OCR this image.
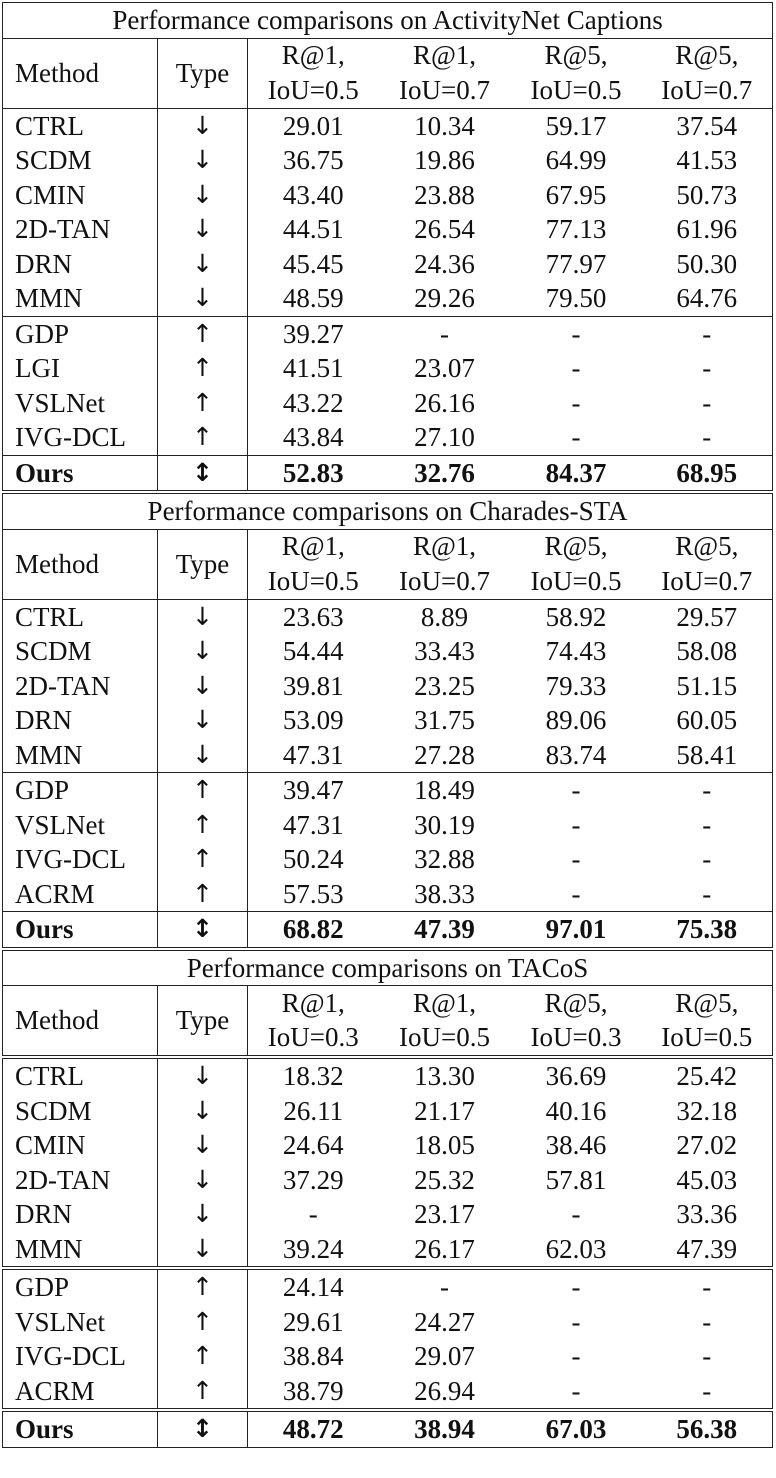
Performance comparisons on ActivityNet Captions					
Method	Type	R@1,	R@1,	R@5,	R@5,
		IoU=0.5	IoU=0.7	IoU=0.5	IoU=0.7
CTRL	↓	29.01	10.34	59.17	37.54
SCDM	↓	36.75	19.86	64.99	41.53
CMIN	↓	43.40	23.88	67.95	50.73
2D-TAN	↓	44.51	26.54	77.13	61.96
DRN	↓	45.45	24.36	77.97	50.30
MMN	↓	48.59	29.26	79.50	64.76
GDP	↑	39.27	-	-	-
LGI	↑	41.51	23.07	-	-
VSLNet	↑	43.22	26.16	-	-
IVG-DCL	↑	43.84	27.10	-	-
Ours	↕	52.83	32.76	84.37	68.95
Performance comparisons on Charades-STA					
Method	Type	R@1,	R@1,	R@5,	R@5,
		IoU=0.5	IoU=0.7	IoU=0.5	IoU=0.7
CTRL	↓	23.63	8.89	58.92	29.57
SCDM	↓	54.44	33.43	74.43	58.08
2D-TAN	↓	39.81	23.25	79.33	51.15
DRN	↓	53.09	31.75	89.06	60.05
MMN	↓	47.31	27.28	83.74	58.41
GDP	↑	39.47	18.49	-	-
VSLNet	↑	47.31	30.19	-	-
IVG-DCL	↑	50.24	32.88	-	-
ACRM	↑	57.53	38.33	-	-
Ours	↕	68.82	47.39	97.01	75.38
Performance comparisons on TACoS					
Method	Type	R@1,	R@1,	R@5,	R@5,
		IoU=0.3	IoU=0.5	IoU=0.3	IoU=0.5
CTRL	↓	18.32	13.30	36.69	25.42
SCDM	↓	26.11	21.17	40.16	32.18
CMIN	↓	24.64	18.05	38.46	27.02
2D-TAN	↓	37.29	25.32	57.81	45.03
DRN	↓	-	23.17	-	33.36
MMN	↓	39.24	26.17	62.03	47.39
GDP	↑	24.14	-	-	-
VSLNet	↑	29.61	24.27	-	-
IVG-DCL	↑	38.84	29.07	-	-
ACRM	↑	38.79	26.94	-	-
Ours	↕	48.72	38.94	67.03	56.38
